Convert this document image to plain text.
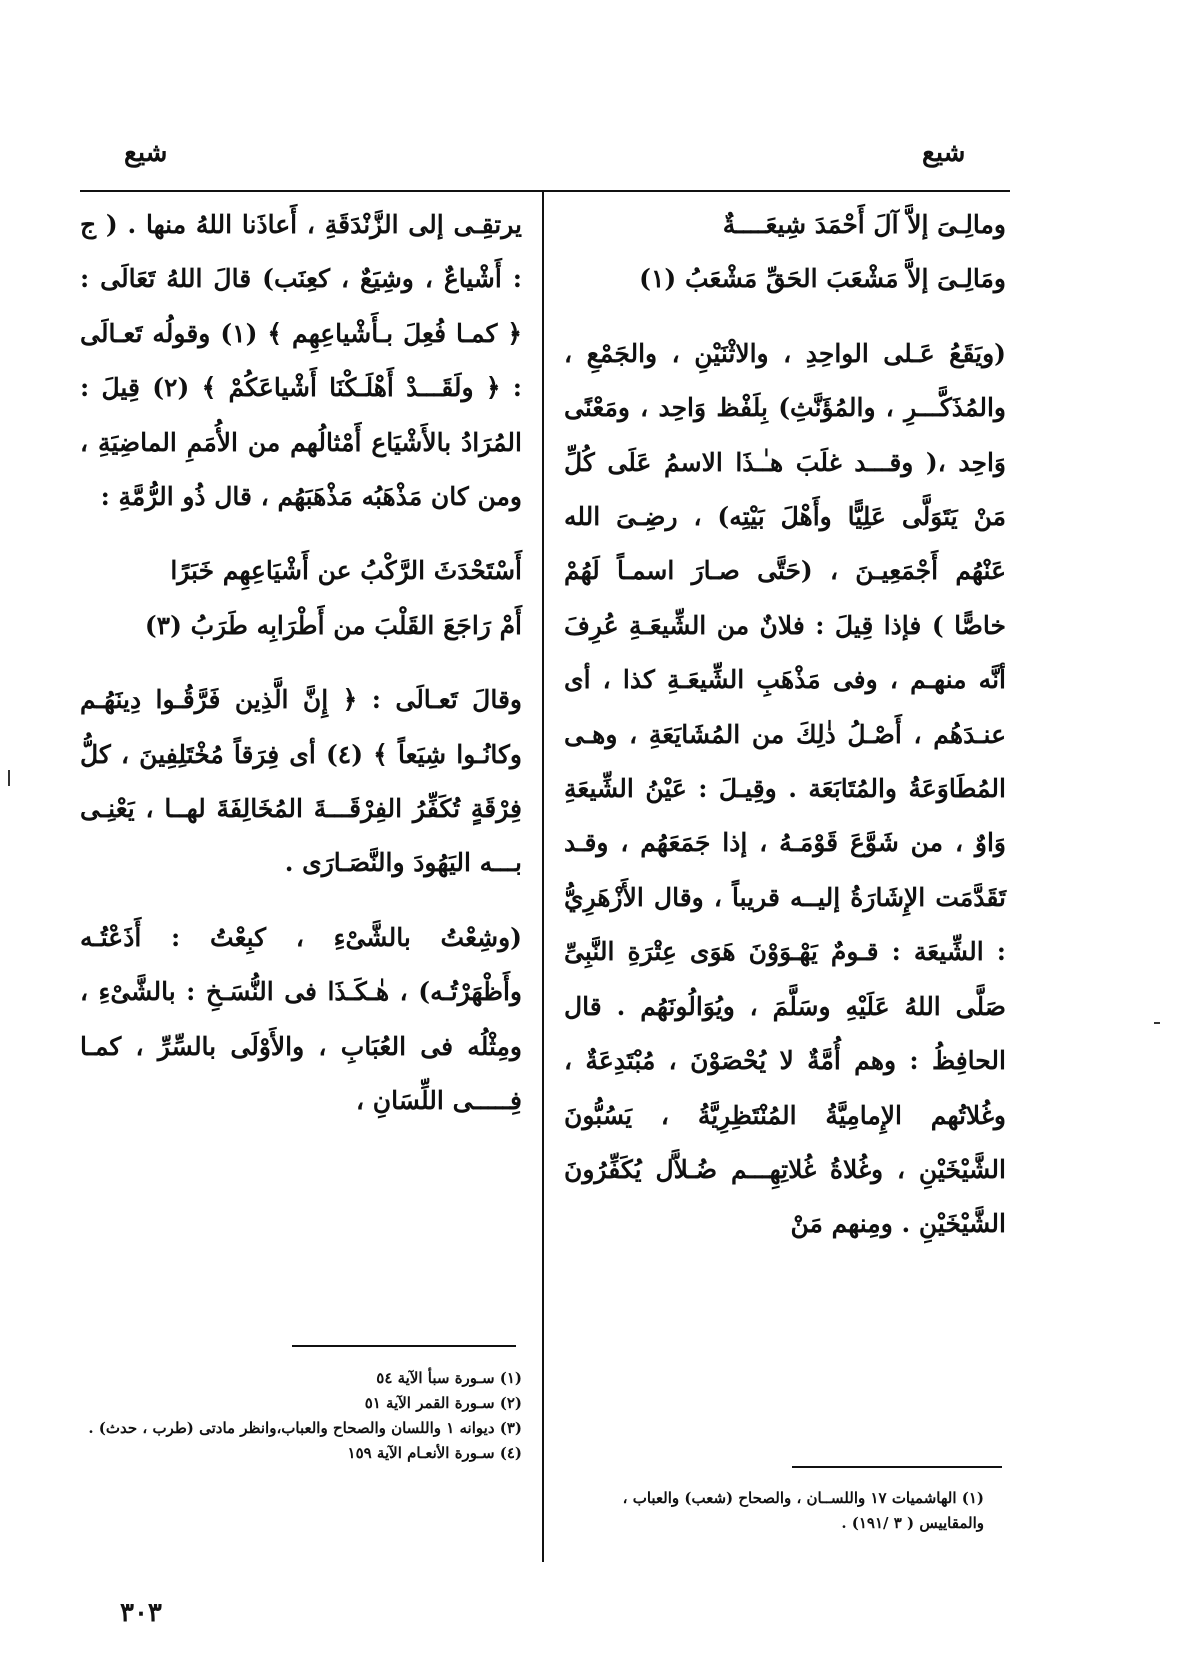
شيع
شيع

ومالِـىَ إلاَّ آلَ أَحْمَدَ شِيعَــــةٌ

ومَالِـىَ إلاَّ مَشْعَبَ الحَقِّ مَشْعَبُ (١)

(ويَقَعُ عَـلى الواحِدِ ، والاثْنَيْنِ ، والجَمْعِ ، والمُذَكَّـــرِ ، والمُؤَنَّثِ) بِلَفْظ وَاحِد ، ومَعْنًى وَاحِد ،( وقـــد غلَبَ هـٰـذَا الاسمُ عَلَى كُلِّ مَنْ يَتَوَلَّى عَلِيًّا وأَهْلَ بَيْتِه) ، رضِـىَ الله عَنْهُم أَجْمَعِيـنَ ، (حَتَّى صـارَ اسمـاً لَهُمْ خاصًّا ) فإذا قِيلَ : فلانٌ من الشِّيعَـةِ عُرِفَ أنَّه منهـم ، وفى مَذْهَبِ الشِّيعَـةِ كذا ، أى عنـدَهُم ، أَصْـلُ ذٰلِكَ من المُشَايَعَةِ ، وهـى المُطَاوَعَةُ والمُتَابَعَة . وقِيـلَ : عَيْنُ الشِّيعَةِ وَاوٌ ، من شَوَّعَ قَوْمَـهُ ، إذا جَمَعَهُم ، وقـد تَقَدَّمَت الإِشَارَةُ إليــه قريباً ، وقال الأَزْهَرِيُّ : الشِّيعَة : قـومٌ يَهْـوَوْنَ هَوَى عِتْرَةِ النَّبِىِّ صَلَّى اللهُ عَلَيْهِ وسَلَّمَ ، ويُوَالُونَهُم . قال الحافِظُ : وهم أُمَّةٌ لا يُحْصَوْنَ ، مُبْتَدِعَةٌ ، وغُلاتُهم الإِمامِيَّةُ المُنْتَظِرِيَّةُ ، يَسُبُّونَ الشَّيْخَيْنِ ، وغُلاةُ غُلاتِهِـــم ضُـلاَّل يُكَفِّرُونَ الشَّيْخَيْنِ . ومِنهم مَنْ

يرتقِـى إلى الزَّنْدَقَةِ ، أَعاذَنا اللهُ منها . ( ج : أَشْياعٌ ، وشِيَعٌ ، كعِنَب) قالَ اللهُ تَعَالَى : ﴿ كمـا فُعِلَ بـأَشْياعِهِم ﴾ (١) وقولُه تَعـالَى : ﴿ ولَقَـــدْ أَهْلَـكْنَا أَشْياعَكُمْ ﴾ (٢) قِيلَ : المُرَادُ بالأَشْيَاع أَمْثالُهم من الأُمَمِ الماضِيَةِ ، ومن كان مَذْهَبُه مَذْهَبَهُم ، قال ذُو الرُّمَّةِ :

أَسْتَحْدَثَ الرَّكْبُ عن أَشْيَاعِهِم خَبَرًا

أَمْ رَاجَعَ القَلْبَ من أَطْرَابِه طَرَبُ (٣)

وقالَ تَعـالَى : ﴿ إِنَّ الَّذِين فَرَّقُـوا دِينَهُـم وكانُـوا شِيَعاً ﴾ (٤) أى فِرَقاً مُخْتَلِفِينَ ، كلُّ فِرْقَةٍ تُكَفِّرُ الفِرْقَـــةَ المُخَالِفَةَ لهــا ، يَعْنِـى بـــه اليَهُودَ والنَّصَـارَى .

(وشِعْتُ بالشَّىْءِ ، كبِعْتُ : أَذَعْتُـه وأَظْهَرْتُـه) ، هٰـكَـذَا فى النُّسَـخِ : بالشَّىْءِ ، ومِثْلُه فى العُبَابِ ، والأَوْلَى بالسِّرِّ ، كمـا فِـــــى اللِّسَانِ ،

(١) الهاشميات ١٧ واللســان ، والصحاح (شعب) والعباب ، والمقاييس ( ٣ /١٩١) .

(١) سـورة سبأ الآية ٥٤

(٢) سـورة القمر الآية ٥١

(٣) ديوانه ١ واللسان والصحاح والعباب،وانظر مادتى (طرب ، حدث) .

(٤) سـورة الأنعـام الآية ١٥٩

٣٠٣
